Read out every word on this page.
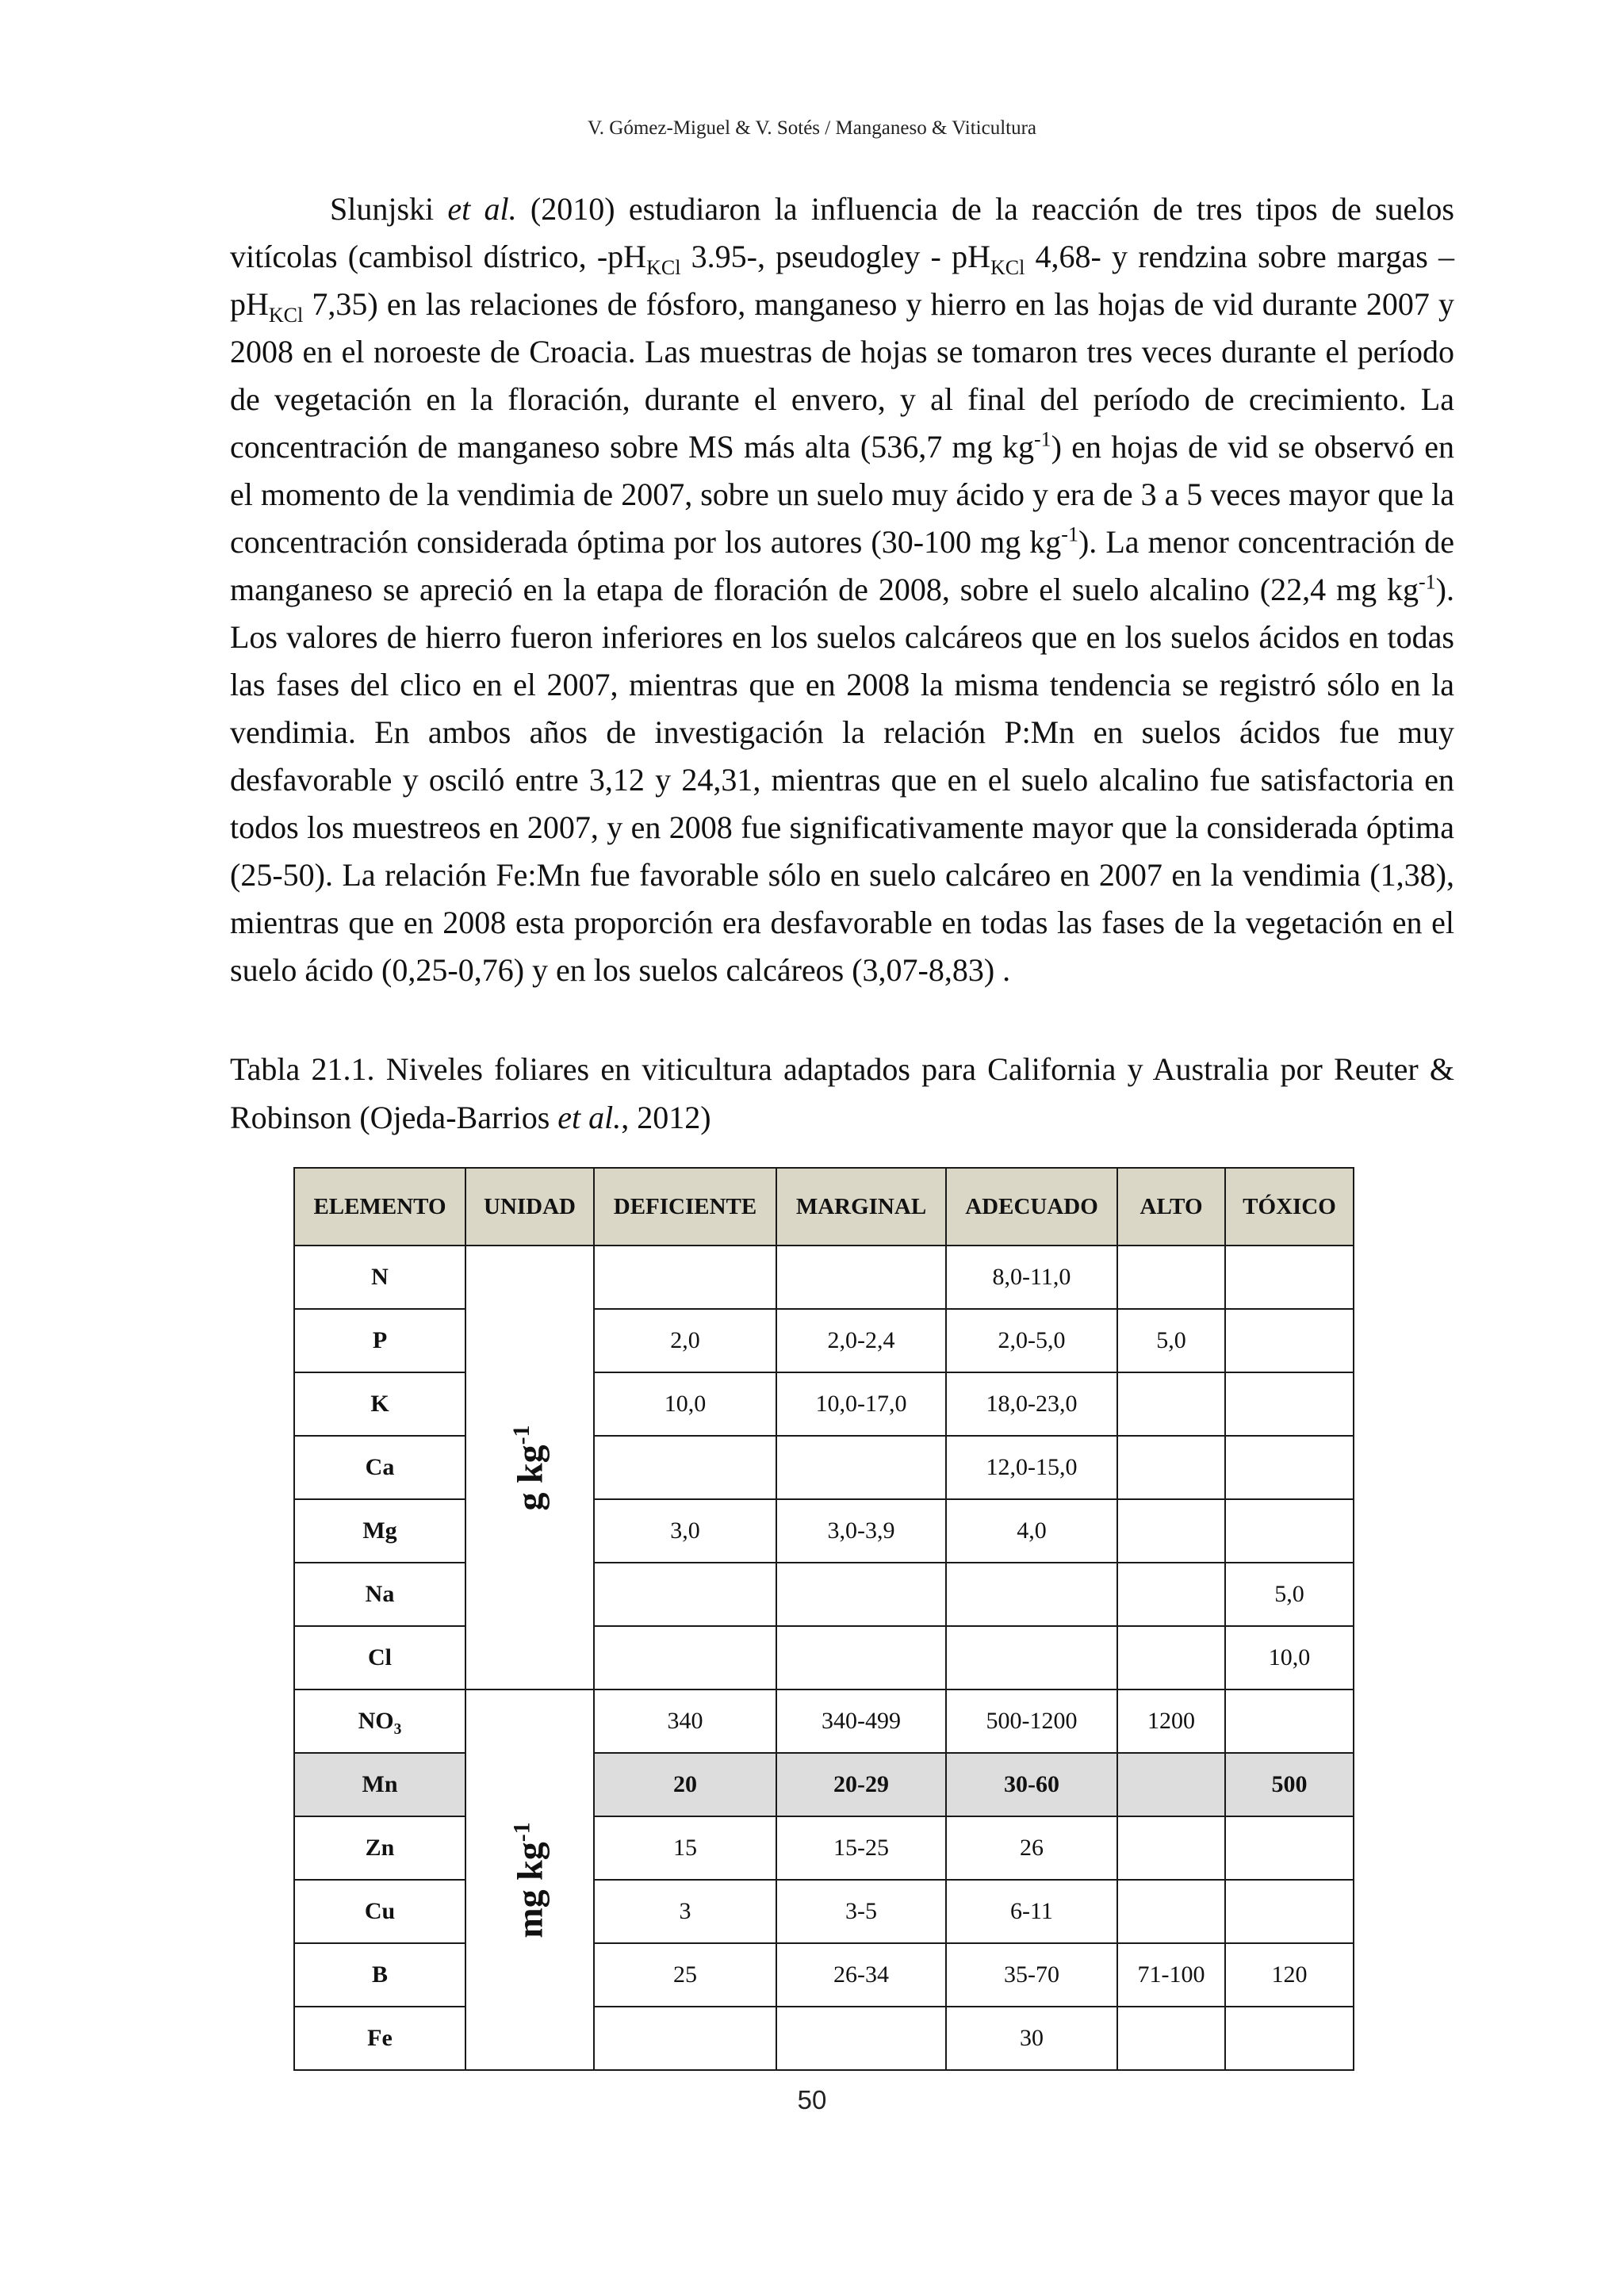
V. Gómez-Miguel & V. Sotés / Manganeso & Viticultura

Slunjski et al. (2010) estudiaron la influencia de la reacción de tres tipos de suelos vitícolas (cambisol dístrico, $-pH_{KCl}$ 3.95-, pseudogley - $pH_{KCl}$ 4,68- y rendzina sobre margas – $pH_{KCl}$ 7,35) en las relaciones de fósforo, manganeso y hierro en las hojas de vid durante 2007 y 2008 en el noroeste de Croacia. Las muestras de hojas se tomaron tres veces durante el período de vegetación en la floración, durante el envero, y al final del período de crecimiento. La concentración de manganeso sobre MS más alta (536,7 mg $kg^{-1}$) en hojas de vid se observó en el momento de la vendimia de 2007, sobre un suelo muy ácido y era de 3 a 5 veces mayor que la concentración considerada óptima por los autores (30-100 mg $kg^{-1}$). La menor concentración de manganeso se apreció en la etapa de floración de 2008, sobre el suelo alcalino (22,4 mg $kg^{-1}$). Los valores de hierro fueron inferiores en los suelos calcáreos que en los suelos ácidos en todas las fases del clico en el 2007, mientras que en 2008 la misma tendencia se registró sólo en la vendimia. En ambos años de investigación la relación P:Mn en suelos ácidos fue muy desfavorable y osciló entre 3,12 y 24,31, mientras que en el suelo alcalino fue satisfactoria en todos los muestreos en 2007, y en 2008 fue significativamente mayor que la considerada óptima (25-50). La relación Fe:Mn fue favorable sólo en suelo calcáreo en 2007 en la vendimia (1,38), mientras que en 2008 esta proporción era desfavorable en todas las fases de la vegetación en el suelo ácido (0,25-0,76) y en los suelos calcáreos (3,07-8,83) .

Tabla 21.1. Niveles foliares en viticultura adaptados para California y Australia por Reuter & Robinson (Ojeda-Barrios et al., 2012)

ELEMENTO	UNIDAD	DEFICIENTE	MARGINAL	ADECUADO	ALTO	TÓXICO
N	g $kg^{-1}$			8,0-11,0		
P		2,0	2,0-2,4	2,0-5,0	5,0	
K		10,0	10,0-17,0	18,0-23,0		
Ca				12,0-15,0		
Mg		3,0	3,0-3,9	4,0		
Na						5,0
Cl						10,0
$NO_3$	mg $kg^{-1}$	340	340-499	500-1200	1200	
Mn		20	20-29	30-60		500
Zn		15	15-25	26		
Cu		3	3-5	6-11		
B		25	26-34	35-70	71-100	120
Fe				30		
50
